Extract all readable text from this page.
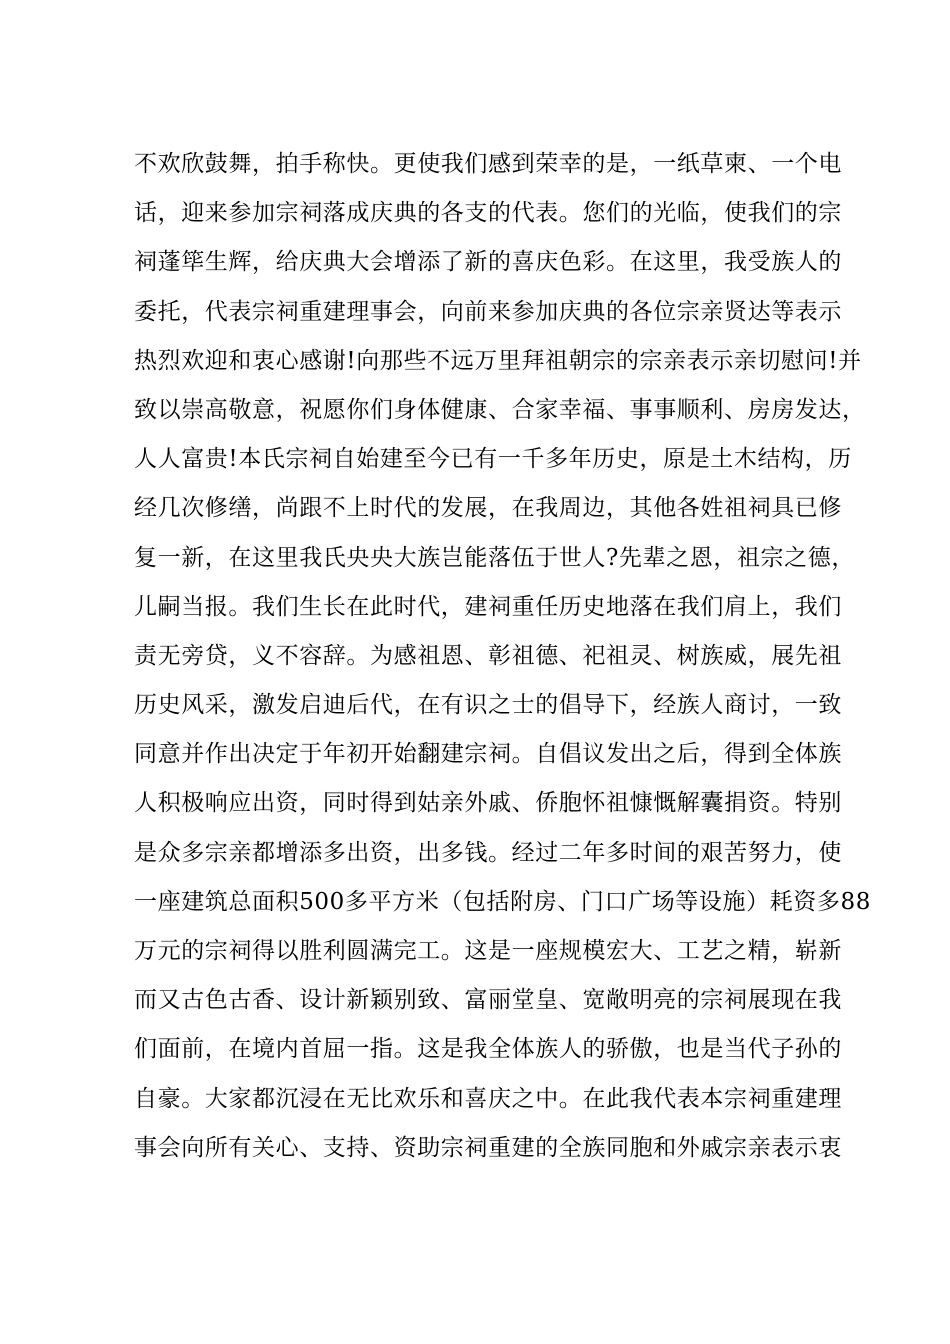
不欢欣鼓舞，拍手称快。更使我们感到荣幸的是，一纸草柬、一个电
话，迎来参加宗祠落成庆典的各支的代表。您们的光临，使我们的宗
祠蓬筚生辉，给庆典大会增添了新的喜庆色彩。在这里，我受族人的
委托，代表宗祠重建理事会，向前来参加庆典的各位宗亲贤达等表示
热烈欢迎和衷心感谢!向那些不远万里拜祖朝宗的宗亲表示亲切慰问!并
致以崇高敬意，祝愿你们身体健康、合家幸福、事事顺利、房房发达，
人人富贵!本氏宗祠自始建至今已有一千多年历史，原是土木结构，历
经几次修缮，尚跟不上时代的发展，在我周边，其他各姓祖祠具已修
复一新，在这里我氏央央大族岂能落伍于世人?先辈之恩，祖宗之德，
儿嗣当报。我们生长在此时代，建祠重任历史地落在我们肩上，我们
责无旁贷，义不容辞。为感祖恩、彰祖德、祀祖灵、树族威，展先祖
历史风采，激发启迪后代，在有识之士的倡导下，经族人商讨，一致
同意并作出决定于年初开始翻建宗祠。自倡议发出之后，得到全体族
人积极响应出资，同时得到姑亲外戚、侨胞怀祖慷慨解囊捐资。特别
是众多宗亲都增添多出资，出多钱。经过二年多时间的艰苦努力，使
一座建筑总面积500多平方米（包括附房、门口广场等设施）耗资多88
万元的宗祠得以胜利圆满完工。这是一座规模宏大、工艺之精，崭新
而又古色古香、设计新颖别致、富丽堂皇、宽敞明亮的宗祠展现在我
们面前，在境内首屈一指。这是我全体族人的骄傲，也是当代子孙的
自豪。大家都沉浸在无比欢乐和喜庆之中。在此我代表本宗祠重建理
事会向所有关心、支持、资助宗祠重建的全族同胞和外戚宗亲表示衷
